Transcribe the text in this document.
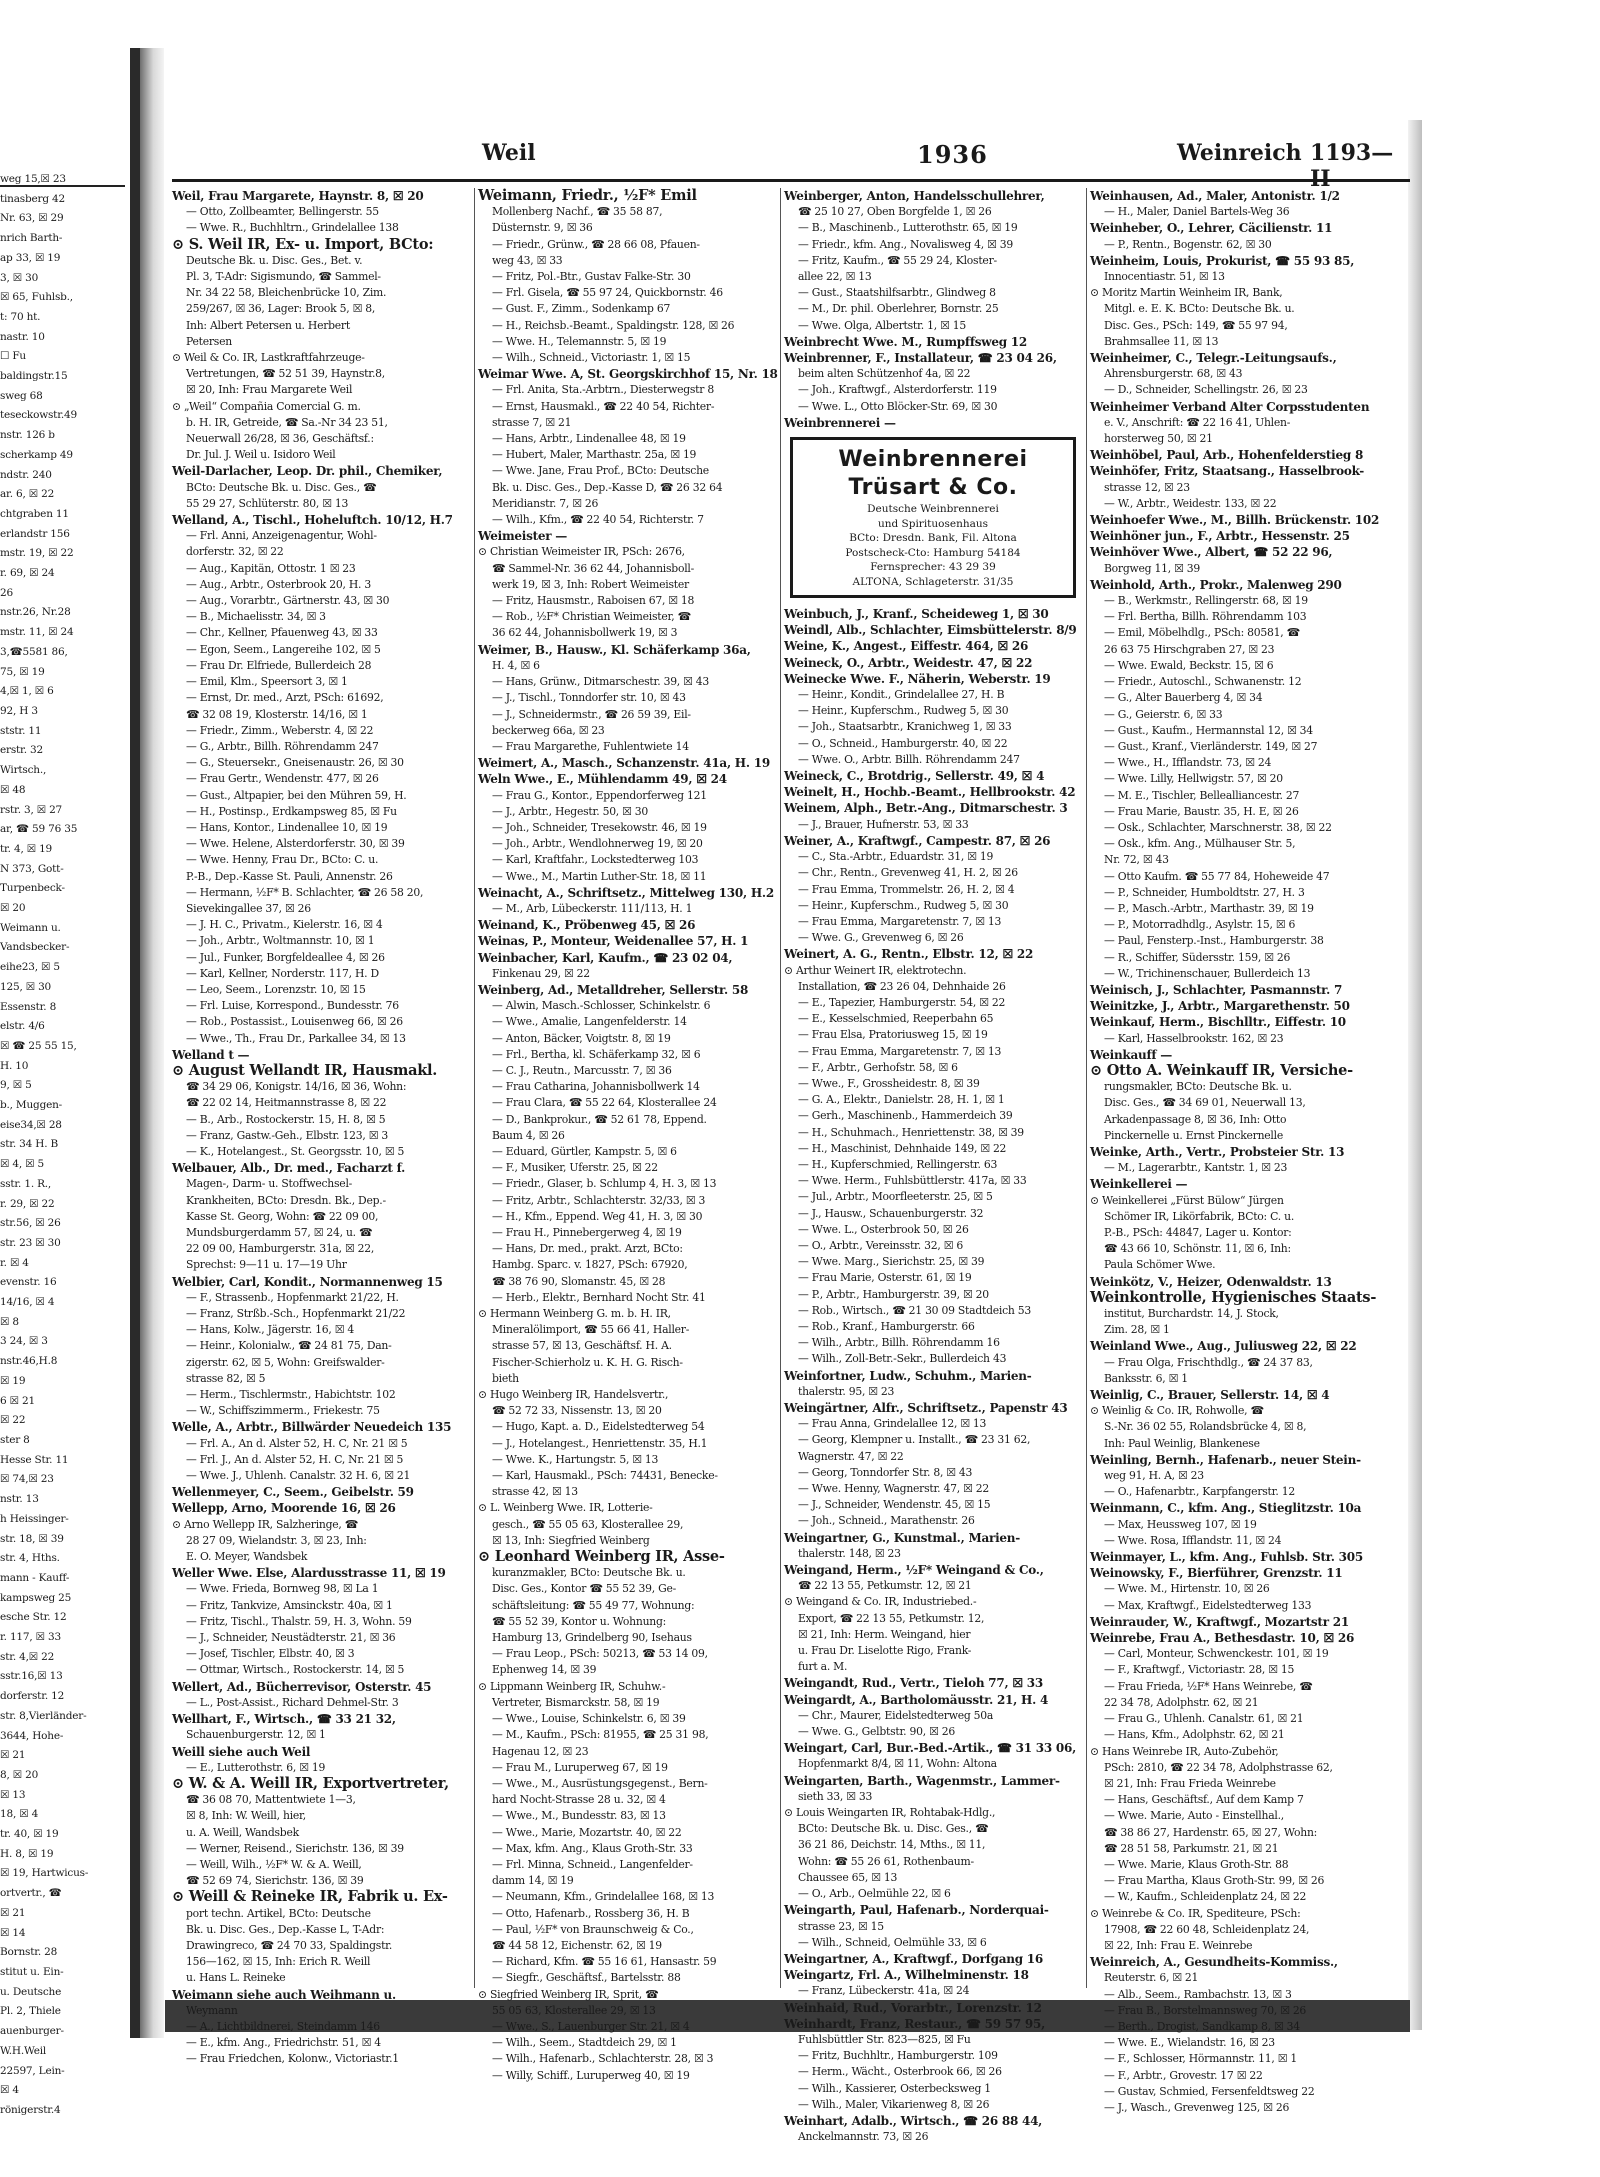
weg 15,☒ 23
tinasberg 42
Nr. 63, ☒ 29
nrich Barth-
ap 33, ☒ 19
3, ☒ 30
☒ 65, Fuhlsb.,
t: 70 ht.
nastr. 10
☐ Fu
baldingstr.15
sweg 68
teseckowstr.49
nstr. 126 b
scherkamp 49
ndstr. 240
ar. 6, ☒ 22
chtgraben 11
erlandstr 156
mstr. 19, ☒ 22
r. 69, ☒ 24
26
nstr.26, Nr.28
mstr. 11, ☒ 24
3,☎5581 86,
75, ☒ 19
4,☒ 1, ☒ 6
92, H 3
ststr. 11
erstr. 32
Wirtsch.,
☒ 48
rstr. 3, ☒ 27
ar, ☎ 59 76 35
tr. 4, ☒ 19
N 373, Gott-
Turpenbeck-
☒ 20
Weimann u.
Vandsbecker-
eihe23, ☒ 5
125, ☒ 30
Essenstr. 8
elstr. 4/6
☒ ☎ 25 55 15,
H. 10
9, ☒ 5
b., Muggen-
eise34,☒ 28
str. 34 H. B
☒ 4, ☒ 5
sstr. 1. R.,
r. 29, ☒ 22
str.56, ☒ 26
str. 23 ☒ 30
r. ☒ 4
evenstr. 16
14/16, ☒ 4
☒ 8
3 24, ☒ 3
nstr.46,H.8
☒ 19
6 ☒ 21
☒ 22
ster 8
Hesse Str. 11
☒ 74,☒ 23
nstr. 13
h Heissinger-
str. 18, ☒ 39
str. 4, Hths.
mann - Kauff-
kampsweg 25
esche Str. 12
r. 117, ☒ 33
str. 4,☒ 22
sstr.16,☒ 13
dorferstr. 12
str. 8,Vierländer-
3644, Hohe-
☒ 21
8, ☒ 20
☒ 13
18, ☒ 4
tr. 40, ☒ 19
H. 8, ☒ 19
☒ 19, Hartwicus-
ortvertr., ☎
☒ 21
☒ 14
Bornstr. 28
stitut u. Ein-
u. Deutsche
Pl. 2, Thiele
auenburger-
W.H.Weil
22597, Lein-
☒ 4
rönigerstr.4
Weil	1936	Weinreich 1193—II
Weil, Frau Margarete, Haynstr. 8, ☒ 20
— Otto, Zollbeamter, Bellingerstr. 55
— Wwe. R., Buchhltrn., Grindelallee 138
⊙ S. Weil IR, Ex- u. Import, BCto:
Deutsche Bk. u. Disc. Ges., Bet. v.
Pl. 3, T-Adr: Sigismundo, ☎ Sammel-
Nr. 34 22 58, Bleichenbrücke 10, Zim.
259/267, ☒ 36, Lager: Brook 5, ☒ 8,
Inh: Albert Petersen u. Herbert
Petersen
⊙ Weil & Co. IR, Lastkraftfahrzeuge-
Vertretungen, ☎ 52 51 39, Haynstr.8,
☒ 20, Inh: Frau Margarete Weil
⊙ „Weil“ Compañia Comercial G. m.
b. H. IR, Getreide, ☎ Sa.-Nr 34 23 51,
Neuerwall 26/28, ☒ 36, Geschäftsf.:
Dr. Jul. J. Weil u. Isidoro Weil
Weil-Darlacher, Leop. Dr. phil., Chemiker,
BCto: Deutsche Bk. u. Disc. Ges., ☎
55 29 27, Schlüterstr. 80, ☒ 13
Welland, A., Tischl., Hoheluftch. 10/12, H.7
— Frl. Anni, Anzeigenagentur, Wohl-
dorferstr. 32, ☒ 22
— Aug., Kapitän, Ottostr. 1 ☒ 23
— Aug., Arbtr., Osterbrook 20, H. 3
— Aug., Vorarbtr., Gärtnerstr. 43, ☒ 30
— B., Michaelisstr. 34, ☒ 3
— Chr., Kellner, Pfauenweg 43, ☒ 33
— Egon, Seem., Langereihe 102, ☒ 5
— Frau Dr. Elfriede, Bullerdeich 28
— Emil, Klm., Speersort 3, ☒ 1
— Ernst, Dr. med., Arzt, PSch: 61692,
☎ 32 08 19, Klosterstr. 14/16, ☒ 1
— Friedr., Zimm., Weberstr. 4, ☒ 22
— G., Arbtr., Billh. Röhrendamm 247
— G., Steuersekr., Gneisenaustr. 26, ☒ 30
— Frau Gertr., Wendenstr. 477, ☒ 26
— Gust., Altpapier, bei den Mühren 59, H.
— H., Postinsp., Erdkampsweg 85, ☒ Fu
— Hans, Kontor., Lindenallee 10, ☒ 19
— Wwe. Helene, Alsterdorferstr. 30, ☒ 39
— Wwe. Henny, Frau Dr., BCto: C. u.
P.-B., Dep.-Kasse St. Pauli, Annenstr. 26
— Hermann, ½F* B. Schlachter, ☎ 26 58 20,
Sievekingallee 37, ☒ 26
— J. H. C., Privatm., Kielerstr. 16, ☒ 4
— Joh., Arbtr., Woltmannstr. 10, ☒ 1
— Jul., Funker, Borgfeldeallee 4, ☒ 26
— Karl, Kellner, Norderstr. 117, H. D
— Leo, Seem., Lorenzstr. 10, ☒ 15
— Frl. Luise, Korrespond., Bundesstr. 76
— Rob., Postassist., Louisenweg 66, ☒ 26
— Wwe., Th., Frau Dr., Parkallee 34, ☒ 13
Welland t —
⊙ August Wellandt IR, Hausmakl.
☎ 34 29 06, Konigstr. 14/16, ☒ 36, Wohn:
☎ 22 02 14, Heitmannstrasse 8, ☒ 22
— B., Arb., Rostockerstr. 15, H. 8, ☒ 5
— Franz, Gastw.-Geh., Elbstr. 123, ☒ 3
— K., Hotelangest., St. Georgsstr. 10, ☒ 5
Welbauer, Alb., Dr. med., Facharzt f.
Magen-, Darm- u. Stoffwechsel-
Krankheiten, BCto: Dresdn. Bk., Dep.-
Kasse St. Georg, Wohn: ☎ 22 09 00,
Mundsburgerdamm 57, ☒ 24, u. ☎
22 09 00, Hamburgerstr. 31a, ☒ 22,
Sprechst: 9—11 u. 17—19 Uhr
Welbier, Carl, Kondit., Normannenweg 15
— F., Strassenb., Hopfenmarkt 21/22, H.
— Franz, Strßb.-Sch., Hopfenmarkt 21/22
— Hans, Kolw., Jägerstr. 16, ☒ 4
— Heinr., Kolonialw., ☎ 24 81 75, Dan-
zigerstr. 62, ☒ 5, Wohn: Greifswalder-
strasse 82, ☒ 5
— Herm., Tischlermstr., Habichtstr. 102
— W., Schiffszimmerm., Friekestr. 75
Welle, A., Arbtr., Billwärder Neuedeich 135
— Frl. A., An d. Alster 52, H. C, Nr. 21 ☒ 5
— Frl. J., An d. Alster 52, H. C, Nr. 21 ☒ 5
— Wwe. J., Uhlenh. Canalstr. 32 H. 6, ☒ 21
Wellenmeyer, C., Seem., Geibelstr. 59
Wellepp, Arno, Moorende 16, ☒ 26
⊙ Arno Wellepp IR, Salzheringe, ☎
28 27 09, Wielandstr. 3, ☒ 23, Inh:
E. O. Meyer, Wandsbek
Weller Wwe. Else, Alardusstrasse 11, ☒ 19
— Wwe. Frieda, Bornweg 98, ☒ La 1
— Fritz, Tankvize, Amsinckstr. 40a, ☒ 1
— Fritz, Tischl., Thalstr. 59, H. 3, Wohn. 59
— J., Schneider, Neustädterstr. 21, ☒ 36
— Josef, Tischler, Elbstr. 40, ☒ 3
— Ottmar, Wirtsch., Rostockerstr. 14, ☒ 5
Wellert, Ad., Bücherrevisor, Osterstr. 45
— L., Post-Assist., Richard Dehmel-Str. 3
Wellhart, F., Wirtsch., ☎ 33 21 32,
Schauenburgerstr. 12, ☒ 1
Weill siehe auch Weil
— E., Lutterothstr. 6, ☒ 19
⊙ W. & A. Weill IR, Exportvertreter,
☎ 36 08 70, Mattentwiete 1—3,
☒ 8, Inh: W. Weill, hier,
u. A. Weill, Wandsbek
— Werner, Reisend., Sierichstr. 136, ☒ 39
— Weill, Wilh., ½F* W. & A. Weill,
☎ 52 69 74, Sierichstr. 136, ☒ 39
⊙ Weill & Reineke IR, Fabrik u. Ex-
port techn. Artikel, BCto: Deutsche
Bk. u. Disc. Ges., Dep.-Kasse L, T-Adr:
Drawingreco, ☎ 24 70 33, Spaldingstr.
156—162, ☒ 15, Inh: Erich R. Weill
u. Hans L. Reineke
Weimann siehe auch Weihmann u.
Weymann
— A., Lichtbildnerei, Steindamm 146
— E., kfm. Ang., Friedrichstr. 51, ☒ 4
— Frau Friedchen, Kolonw., Victoriastr.1
Weimann, Friedr., ½F* Emil
Mollenberg Nachf., ☎ 35 58 87,
Düsternstr. 9, ☒ 36
— Friedr., Grünw., ☎ 28 66 08, Pfauen-
weg 43, ☒ 33
— Fritz, Pol.-Btr., Gustav Falke-Str. 30
— Frl. Gisela, ☎ 55 97 24, Quickbornstr. 46
— Gust. F., Zimm., Sodenkamp 67
— H., Reichsb.-Beamt., Spaldingstr. 128, ☒ 26
— Wwe. H., Telemannstr. 5, ☒ 19
— Wilh., Schneid., Victoriastr. 1, ☒ 15
Weimar Wwe. A, St. Georgskirchhof 15, Nr. 18
— Frl. Anita, Sta.-Arbtrn., Diesterwegstr 8
— Ernst, Hausmakl., ☎ 22 40 54, Richter-
strasse 7, ☒ 21
— Hans, Arbtr., Lindenallee 48, ☒ 19
— Hubert, Maler, Marthastr. 25a, ☒ 19
— Wwe. Jane, Frau Prof., BCto: Deutsche
Bk. u. Disc. Ges., Dep.-Kasse D, ☎ 26 32 64
Meridianstr. 7, ☒ 26
— Wilh., Kfm., ☎ 22 40 54, Richterstr. 7
Weimeister —
⊙ Christian Weimeister IR, PSch: 2676,
☎ Sammel-Nr. 36 62 44, Johannisboll-
werk 19, ☒ 3, Inh: Robert Weimeister
— Fritz, Hausmstr., Raboisen 67, ☒ 18
— Rob., ½F* Christian Weimeister, ☎
36 62 44, Johannisbollwerk 19, ☒ 3
Weimer, B., Hausw., Kl. Schäferkamp 36a,
H. 4, ☒ 6
— Hans, Grünw., Ditmarschestr. 39, ☒ 43
— J., Tischl., Tonndorfer str. 10, ☒ 43
— J., Schneidermstr., ☎ 26 59 39, Eil-
beckerweg 66a, ☒ 23
— Frau Margarethe, Fuhlentwiete 14
Weimert, A., Masch., Schanzenstr. 41a, H. 19
Weln Wwe., E., Mühlendamm 49, ☒ 24
— Frau G., Kontor., Eppendorferweg 121
— J., Arbtr., Hegestr. 50, ☒ 30
— Joh., Schneider, Tresekowstr. 46, ☒ 19
— Joh., Arbtr., Wendlohnerweg 19, ☒ 20
— Karl, Kraftfahr., Lockstedterweg 103
— Wwe., M., Martin Luther-Str. 18, ☒ 11
Weinacht, A., Schriftsetz., Mittelweg 130, H.2
— M., Arb, Lübeckerstr. 111/113, H. 1
Weinand, K., Pröbenweg 45, ☒ 26
Weinas, P., Monteur, Weidenallee 57, H. 1
Weinbacher, Karl, Kaufm., ☎ 23 02 04,
Finkenau 29, ☒ 22
Weinberg, Ad., Metalldreher, Sellerstr. 58
— Alwin, Masch.-Schlosser, Schinkelstr. 6
— Wwe., Amalie, Langenfelderstr. 14
— Anton, Bäcker, Voigtstr. 8, ☒ 19
— Frl., Bertha, kl. Schäferkamp 32, ☒ 6
— C. J., Reutn., Marcusstr. 7, ☒ 36
— Frau Catharina, Johannisbollwerk 14
— Frau Clara, ☎ 55 22 64, Klosterallee 24
— D., Bankprokur., ☎ 52 61 78, Eppend.
Baum 4, ☒ 26
— Eduard, Gürtler, Kampstr. 5, ☒ 6
— F., Musiker, Uferstr. 25, ☒ 22
— Friedr., Glaser, b. Schlump 4, H. 3, ☒ 13
— Fritz, Arbtr., Schlachterstr. 32/33, ☒ 3
— H., Kfm., Eppend. Weg 41, H. 3, ☒ 30
— Frau H., Pinnebergerweg 4, ☒ 19
— Hans, Dr. med., prakt. Arzt, BCto:
Hambg. Sparc. v. 1827, PSch: 67920,
☎ 38 76 90, Slomanstr. 45, ☒ 28
— Herb., Elektr., Bernhard Nocht Str. 41
⊙ Hermann Weinberg G. m. b. H. IR,
Mineralölimport, ☎ 55 66 41, Haller-
strasse 57, ☒ 13, Geschäftsf. H. A.
Fischer-Schierholz u. K. H. G. Risch-
bieth
⊙ Hugo Weinberg IR, Handelsvertr.,
☎ 52 72 33, Nissenstr. 13, ☒ 20
— Hugo, Kapt. a. D., Eidelstedterweg 54
— J., Hotelangest., Henriettenstr. 35, H.1
— Wwe. K., Hartungstr. 5, ☒ 13
— Karl, Hausmakl., PSch: 74431, Benecke-
strasse 42, ☒ 13
⊙ L. Weinberg Wwe. IR, Lotterie-
gesch., ☎ 55 05 63, Klosterallee 29,
☒ 13, Inh: Siegfried Weinberg
⊙ Leonhard Weinberg IR, Asse-
kuranzmakler, BCto: Deutsche Bk. u.
Disc. Ges., Kontor ☎ 55 52 39, Ge-
schäftsleitung: ☎ 55 49 77, Wohnung:
☎ 55 52 39, Kontor u. Wohnung:
Hamburg 13, Grindelberg 90, Isehaus
— Frau Leop., PSch: 50213, ☎ 53 14 09,
Ephenweg 14, ☒ 39
⊙ Lippmann Weinberg IR, Schuhw.-
Vertreter, Bismarckstr. 58, ☒ 19
— Wwe., Louise, Schinkelstr. 6, ☒ 39
— M., Kaufm., PSch: 81955, ☎ 25 31 98,
Hagenau 12, ☒ 23
— Frau M., Luruperweg 67, ☒ 19
— Wwe., M., Ausrüstungsgegenst., Bern-
hard Nocht-Strasse 28 u. 32, ☒ 4
— Wwe., M., Bundesstr. 83, ☒ 13
— Wwe., Marie, Mozartstr. 40, ☒ 22
— Max, kfm. Ang., Klaus Groth-Str. 33
— Frl. Minna, Schneid., Langenfelder-
damm 14, ☒ 19
— Neumann, Kfm., Grindelallee 168, ☒ 13
— Otto, Hafenarb., Rossberg 36, H. B
— Paul, ½F* von Braunschweig & Co.,
☎ 44 58 12, Eichenstr. 62, ☒ 19
— Richard, Kfm. ☎ 55 16 61, Hansastr. 59
— Siegfr., Geschäftsf., Bartelsstr. 88
⊙ Siegfried Weinberg IR, Sprit, ☎
55 05 63, Klosterallee 29, ☒ 13
— Wwe., S., Lauenburger Str. 21, ☒ 4
— Wilh., Seem., Stadtdeich 29, ☒ 1
— Wilh., Hafenarb., Schlachterstr. 28, ☒ 3
— Willy, Schiff., Luruperweg 40, ☒ 19
Weinberger, Anton, Handelsschullehrer,
☎ 25 10 27, Oben Borgfelde 1, ☒ 26
— B., Maschinenb., Lutterothstr. 65, ☒ 19
— Friedr., kfm. Ang., Novalisweg 4, ☒ 39
— Fritz, Kaufm., ☎ 55 29 24, Kloster-
allee 22, ☒ 13
— Gust., Staatshilfsarbtr., Glindweg 8
— M., Dr. phil. Oberlehrer, Bornstr. 25
— Wwe. Olga, Albertstr. 1, ☒ 15
Weinbrecht Wwe. M., Rumpffsweg 12
Weinbrenner, F., Installateur, ☎ 23 04 26,
beim alten Schützenhof 4a, ☒ 22
— Joh., Kraftwgf., Alsterdorferstr. 119
— Wwe. L., Otto Blöcker-Str. 69, ☒ 30
Weinbrennerei —
Weinbrennerei
Trüsart & Co.
Deutsche Weinbrennerei
und Spirituosenhaus
BCto: Dresdn. Bank, Fil. Altona
Postscheck-Cto: Hamburg 54184
Fernsprecher: 43 29 39
ALTONA, Schlageterstr. 31/35
Weinbuch, J., Kranf., Scheideweg 1, ☒ 30
Weindl, Alb., Schlachter, Eimsbüttelerstr. 8/9
Weine, K., Angest., Eiffestr. 464, ☒ 26
Weineck, O., Arbtr., Weidestr. 47, ☒ 22
Weinecke Wwe. F., Näherin, Weberstr. 19
— Heinr., Kondit., Grindelallee 27, H. B
— Heinr., Kupferschm., Rudweg 5, ☒ 30
— Joh., Staatsarbtr., Kranichweg 1, ☒ 33
— O., Schneid., Hamburgerstr. 40, ☒ 22
— Wwe. O., Arbtr. Billh. Röhrendamm 247
Weineck, C., Brotdrig., Sellerstr. 49, ☒ 4
Weinelt, H., Hochb.-Beamt., Hellbrookstr. 42
Weinem, Alph., Betr.-Ang., Ditmarschestr. 3
— J., Brauer, Hufnerstr. 53, ☒ 33
Weiner, A., Kraftwgf., Campestr. 87, ☒ 26
— C., Sta.-Arbtr., Eduardstr. 31, ☒ 19
— Chr., Rentn., Grevenweg 41, H. 2, ☒ 26
— Frau Emma, Trommelstr. 26, H. 2, ☒ 4
— Heinr., Kupferschm., Rudweg 5, ☒ 30
— Frau Emma, Margaretenstr. 7, ☒ 13
— Wwe. G., Grevenweg 6, ☒ 26
Weinert, A. G., Rentn., Elbstr. 12, ☒ 22
⊙ Arthur Weinert IR, elektrotechn.
Installation, ☎ 23 26 04, Dehnhaide 26
— E., Tapezier, Hamburgerstr. 54, ☒ 22
— E., Kesselschmied, Reeperbahn 65
— Frau Elsa, Pratoriusweg 15, ☒ 19
— Frau Emma, Margaretenstr. 7, ☒ 13
— F., Arbtr., Gerhofstr. 58, ☒ 6
— Wwe., F., Grossheidestr. 8, ☒ 39
— G. A., Elektr., Danielstr. 28, H. 1, ☒ 1
— Gerh., Maschinenb., Hammerdeich 39
— H., Schuhmach., Henriettenstr. 38, ☒ 39
— H., Maschinist, Dehnhaide 149, ☒ 22
— H., Kupferschmied, Rellingerstr. 63
— Wwe. Herm., Fuhlsbüttlerstr. 417a, ☒ 33
— Jul., Arbtr., Moorfleeterstr. 25, ☒ 5
— J., Hausw., Schauenburgerstr. 32
— Wwe. L., Osterbrook 50, ☒ 26
— O., Arbtr., Vereinsstr. 32, ☒ 6
— Wwe. Marg., Sierichstr. 25, ☒ 39
— Frau Marie, Osterstr. 61, ☒ 19
— P., Arbtr., Hamburgerstr. 39, ☒ 20
— Rob., Wirtsch., ☎ 21 30 09 Stadtdeich 53
— Rob., Kranf., Hamburgerstr. 66
— Wilh., Arbtr., Billh. Röhrendamm 16
— Wilh., Zoll-Betr.-Sekr., Bullerdeich 43
Weinfortner, Ludw., Schuhm., Marien-
thalerstr. 95, ☒ 23
Weingärtner, Alfr., Schriftsetz., Papenstr 43
— Frau Anna, Grindelallee 12, ☒ 13
— Georg, Klempner u. Installt., ☎ 23 31 62,
Wagnerstr. 47, ☒ 22
— Georg, Tonndorfer Str. 8, ☒ 43
— Wwe. Henny, Wagnerstr. 47, ☒ 22
— J., Schneider, Wendenstr. 45, ☒ 15
— Joh., Schneid., Marathenstr. 26
Weingartner, G., Kunstmal., Marien-
thalerstr. 148, ☒ 23
Weingand, Herm., ½F* Weingand & Co.,
☎ 22 13 55, Petkumstr. 12, ☒ 21
⊙ Weingand & Co. IR, Industriebed.-
Export, ☎ 22 13 55, Petkumstr. 12,
☒ 21, Inh: Herm. Weingand, hier
u. Frau Dr. Liselotte Rigo, Frank-
furt a. M.
Weingandt, Rud., Vertr., Tieloh 77, ☒ 33
Weingardt, A., Bartholomäusstr. 21, H. 4
— Chr., Maurer, Eidelstedterweg 50a
— Wwe. G., Gelbtstr. 90, ☒ 26
Weingart, Carl, Bur.-Bed.-Artik., ☎ 31 33 06,
Hopfenmarkt 8/4, ☒ 11, Wohn: Altona
Weingarten, Barth., Wagenmstr., Lammer-
sieth 33, ☒ 33
⊙ Louis Weingarten IR, Rohtabak-Hdlg.,
BCto: Deutsche Bk. u. Disc. Ges., ☎
36 21 86, Deichstr. 14, Mths., ☒ 11,
Wohn: ☎ 55 26 61, Rothenbaum-
Chaussee 65, ☒ 13
— O., Arb., Oelmühle 22, ☒ 6
Weingarth, Paul, Hafenarb., Norderquai-
strasse 23, ☒ 15
— Wilh., Schneid, Oelmühle 33, ☒ 6
Weingartner, A., Kraftwgf., Dorfgang 16
Weingartz, Frl. A., Wilhelminenstr. 18
— Franz, Lübeckerstr. 41a, ☒ 24
Weinhaid, Rud., Vorarbtr., Lorenzstr. 12
Weinhardt, Franz, Restaur., ☎ 59 57 95,
Fuhlsbüttler Str. 823—825, ☒ Fu
— Fritz, Buchhltr., Hamburgerstr. 109
— Herm., Wächt., Osterbrook 66, ☒ 26
— Wilh., Kassierer, Osterbecksweg 1
— Wilh., Maler, Vikarienweg 8, ☒ 26
Weinhart, Adalb., Wirtsch., ☎ 26 88 44,
Anckelmannstr. 73, ☒ 26
Weinhausen, Ad., Maler, Antonistr. 1/2
— H., Maler, Daniel Bartels-Weg 36
Weinheber, O., Lehrer, Cäcilienstr. 11
— P., Rentn., Bogenstr. 62, ☒ 30
Weinheim, Louis, Prokurist, ☎ 55 93 85,
Innocentiastr. 51, ☒ 13
⊙ Moritz Martin Weinheim IR, Bank,
Mitgl. e. E. K. BCto: Deutsche Bk. u.
Disc. Ges., PSch: 149, ☎ 55 97 94,
Brahmsallee 11, ☒ 13
Weinheimer, C., Telegr.-Leitungsaufs.,
Ahrensburgerstr. 68, ☒ 43
— D., Schneider, Schellingstr. 26, ☒ 23
Weinheimer Verband Alter Corpsstudenten
e. V., Anschrift: ☎ 22 16 41, Uhlen-
horsterweg 50, ☒ 21
Weinhöbel, Paul, Arb., Hohenfelderstieg 8
Weinhöfer, Fritz, Staatsang., Hasselbrook-
strasse 12, ☒ 23
— W., Arbtr., Weidestr. 133, ☒ 22
Weinhoefer Wwe., M., Billh. Brückenstr. 102
Weinhöner jun., F., Arbtr., Hessenstr. 25
Weinhöver Wwe., Albert, ☎ 52 22 96,
Borgweg 11, ☒ 39
Weinhold, Arth., Prokr., Malenweg 290
— B., Werkmstr., Rellingerstr. 68, ☒ 19
— Frl. Bertha, Billh. Röhrendamm 103
— Emil, Möbelhdlg., PSch: 80581, ☎
26 63 75 Hirschgraben 27, ☒ 23
— Wwe. Ewald, Beckstr. 15, ☒ 6
— Friedr., Autoschl., Schwanenstr. 12
— G., Alter Bauerberg 4, ☒ 34
— G., Geierstr. 6, ☒ 33
— Gust., Kaufm., Hermannstal 12, ☒ 34
— Gust., Kranf., Vierländerstr. 149, ☒ 27
— Wwe., H., Ifflandstr. 73, ☒ 24
— Wwe. Lilly, Hellwigstr. 57, ☒ 20
— M. E., Tischler, Bellealliancestr. 27
— Frau Marie, Baustr. 35, H. E, ☒ 26
— Osk., Schlachter, Marschnerstr. 38, ☒ 22
— Osk., kfm. Ang., Mülhauser Str. 5,
Nr. 72, ☒ 43
— Otto Kaufm. ☎ 55 77 84, Hoheweide 47
— P., Schneider, Humboldtstr. 27, H. 3
— P., Masch.-Arbtr., Marthastr. 39, ☒ 19
— P., Motorradhdlg., Asylstr. 15, ☒ 6
— Paul, Fensterp.-Inst., Hamburgerstr. 38
— R., Schiffer, Südersstr. 159, ☒ 26
— W., Trichinenschauer, Bullerdeich 13
Weinisch, J., Schlachter, Pasmannstr. 7
Weinitzke, J., Arbtr., Margarethenstr. 50
Weinkauf, Herm., Bischlltr., Eiffestr. 10
— Karl, Hasselbrookstr. 162, ☒ 23
Weinkauff —
⊙ Otto A. Weinkauff IR, Versiche-
rungsmakler, BCto: Deutsche Bk. u.
Disc. Ges., ☎ 34 69 01, Neuerwall 13,
Arkadenpassage 8, ☒ 36, Inh: Otto
Pinckernelle u. Ernst Pinckernelle
Weinke, Arth., Vertr., Probsteier Str. 13
— M., Lagerarbtr., Kantstr. 1, ☒ 23
Weinkellerei —
⊙ Weinkellerei „Fürst Bülow“ Jürgen
Schömer IR, Likörfabrik, BCto: C. u.
P.-B., PSch: 44847, Lager u. Kontor:
☎ 43 66 10, Schönstr. 11, ☒ 6, Inh:
Paula Schömer Wwe.
Weinkötz, V., Heizer, Odenwaldstr. 13
Weinkontrolle, Hygienisches Staats-
institut, Burchardstr. 14, J. Stock,
Zim. 28, ☒ 1
Weinland Wwe., Aug., Juliusweg 22, ☒ 22
— Frau Olga, Frischthdlg., ☎ 24 37 83,
Banksstr. 6, ☒ 1
Weinlig, C., Brauer, Sellerstr. 14, ☒ 4
⊙ Weinlig & Co. IR, Rohwolle, ☎
S.-Nr. 36 02 55, Rolandsbrücke 4, ☒ 8,
Inh: Paul Weinlig, Blankenese
Weinling, Bernh., Hafenarb., neuer Stein-
weg 91, H. A, ☒ 23
— O., Hafenarbtr., Karpfangerstr. 12
Weinmann, C., kfm. Ang., Stieglitzstr. 10a
— Max, Heussweg 107, ☒ 19
— Wwe. Rosa, Ifflandstr. 11, ☒ 24
Weinmayer, L., kfm. Ang., Fuhlsb. Str. 305
Weinowsky, F., Bierführer, Grenzstr. 11
— Wwe. M., Hirtenstr. 10, ☒ 26
— Max, Kraftwgf., Eidelstedterweg 133
Weinrauder, W., Kraftwgf., Mozartstr 21
Weinrebe, Frau A., Bethesdastr. 10, ☒ 26
— Carl, Monteur, Schwenckestr. 101, ☒ 19
— F., Kraftwgf., Victoriastr. 28, ☒ 15
— Frau Frieda, ½F* Hans Weinrebe, ☎
22 34 78, Adolphstr. 62, ☒ 21
— Frau G., Uhlenh. Canalstr. 61, ☒ 21
— Hans, Kfm., Adolphstr. 62, ☒ 21
⊙ Hans Weinrebe IR, Auto-Zubehör,
PSch: 2810, ☎ 22 34 78, Adolphstrasse 62,
☒ 21, Inh: Frau Frieda Weinrebe
— Hans, Geschäftsf., Auf dem Kamp 7
— Wwe. Marie, Auto - Einstellhal.,
☎ 38 86 27, Hardenstr. 65, ☒ 27, Wohn:
☎ 28 51 58, Parkumstr. 21, ☒ 21
— Wwe. Marie, Klaus Groth-Str. 88
— Frau Martha, Klaus Groth-Str. 99, ☒ 26
— W., Kaufm., Schleidenplatz 24, ☒ 22
⊙ Weinrebe & Co. IR, Spediteure, PSch:
17908, ☎ 22 60 48, Schleidenplatz 24,
☒ 22, Inh: Frau E. Weinrebe
Weinreich, A., Gesundheits-Kommiss.,
Reuterstr. 6, ☒ 21
— Alb., Seem., Rambachstr. 13, ☒ 3
— Frau B., Borstelmannsweg 70, ☒ 26
— Berth., Drogist, Sandkamp 8, ☒ 34
— Wwe. E., Wielandstr. 16, ☒ 23
— F., Schlosser, Hörmannstr. 11, ☒ 1
— F., Arbtr., Grovestr. 17 ☒ 22
— Gustav, Schmied, Fersenfeldtsweg 22
— J., Wasch., Grevenweg 125, ☒ 26
